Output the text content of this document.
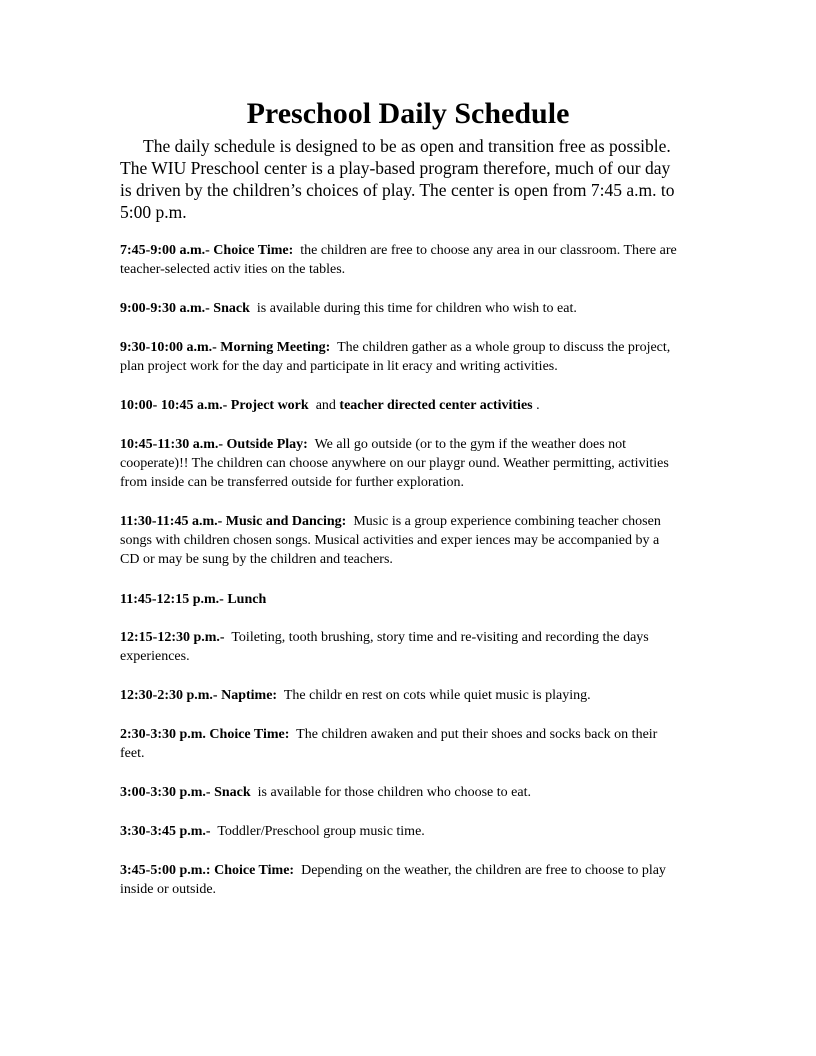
Preschool Daily Schedule

The daily schedule is designed to be as open and transition free as possible. The WIU Preschool center is a play-based program therefore, much of our day is driven by the children’s choices of play. The center is open from 7:45 a.m. to 5:00 p.m.

7:45-9:00 a.m.- Choice Time: the children are free to choose any area in our classroom. There are teacher-selected activ ities on the tables.

9:00-9:30 a.m.- Snack is available during this time for children who wish to eat.

9:30-10:00 a.m.- Morning Meeting: The children gather as a whole group to discuss the project, plan project work for the day and participate in lit eracy and writing activities.

10:00- 10:45 a.m.- Project work and teacher directed center activities .

10:45-11:30 a.m.- Outside Play: We all go outside (or to the gym if the weather does not cooperate)!! The children can choose anywhere on our playgr ound. Weather permitting, activities from inside can be transferred outside for further exploration.

11:30-11:45 a.m.- Music and Dancing: Music is a group experience combining teacher chosen songs with children chosen songs. Musical activities and exper iences may be accompanied by a CD or may be sung by the children and teachers.

11:45-12:15 p.m.- Lunch

12:15-12:30 p.m.- Toileting, tooth brushing, story time and re-visiting and recording the days experiences.

12:30-2:30 p.m.- Naptime: The childr en rest on cots while quiet music is playing.

2:30-3:30 p.m. Choice Time: The children awaken and put their shoes and socks back on their feet.

3:00-3:30 p.m.- Snack is available for those children who choose to eat.

3:30-3:45 p.m.- Toddler/Preschool group music time.

3:45-5:00 p.m.: Choice Time: Depending on the weather, the children are free to choose to play inside or outside.
